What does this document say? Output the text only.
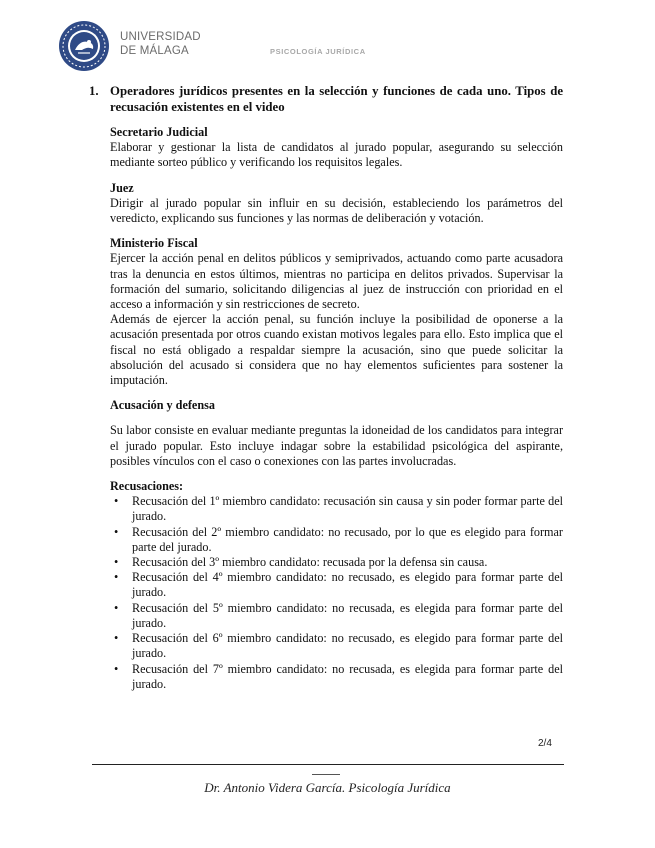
UNIVERSIDAD
DE MÁLAGA	PSICOLOGÍA JURÍDICA
1. Operadores jurídicos presentes en la selección y funciones de cada uno. Tipos de recusación existentes en el video

Secretario Judicial

Elaborar y gestionar la lista de candidatos al jurado popular, asegurando su selección mediante sorteo público y verificando los requisitos legales.

Juez

Dirigir al jurado popular sin influir en su decisión, estableciendo los parámetros del veredicto, explicando sus funciones y las normas de deliberación y votación.

Ministerio Fiscal

Ejercer la acción penal en delitos públicos y semiprivados, actuando como parte acusadora tras la denuncia en estos últimos, mientras no participa en delitos privados. Supervisar la formación del sumario, solicitando diligencias al juez de instrucción con prioridad en el acceso a información y sin restricciones de secreto.

Además de ejercer la acción penal, su función incluye la posibilidad de oponerse a la acusación presentada por otros cuando existan motivos legales para ello. Esto implica que el fiscal no está obligado a respaldar siempre la acusación, sino que puede solicitar la absolución del acusado si considera que no hay elementos suficientes para sostener la imputación.

Acusación y defensa

Su labor consiste en evaluar mediante preguntas la idoneidad de los candidatos para integrar el jurado popular. Esto incluye indagar sobre la estabilidad psicológica del aspirante, posibles vínculos con el caso o conexiones con las partes involucradas.

Recusaciones:

• Recusación del 1º miembro candidato: recusación sin causa y sin poder formar parte del jurado.
• Recusación del 2º miembro candidato: no recusado, por lo que es elegido para formar parte del jurado.
• Recusación del 3º miembro candidato: recusada por la defensa sin causa.
• Recusación del 4º miembro candidato: no recusado, es elegido para formar parte del jurado.
• Recusación del 5º miembro candidato: no recusada, es elegida para formar parte del jurado.
• Recusación del 6º miembro candidato: no recusado, es elegido para formar parte del jurado.
• Recusación del 7º miembro candidato: no recusada, es elegida para formar parte del jurado.
2/4
Dr. Antonio Videra García. Psicología Jurídica
